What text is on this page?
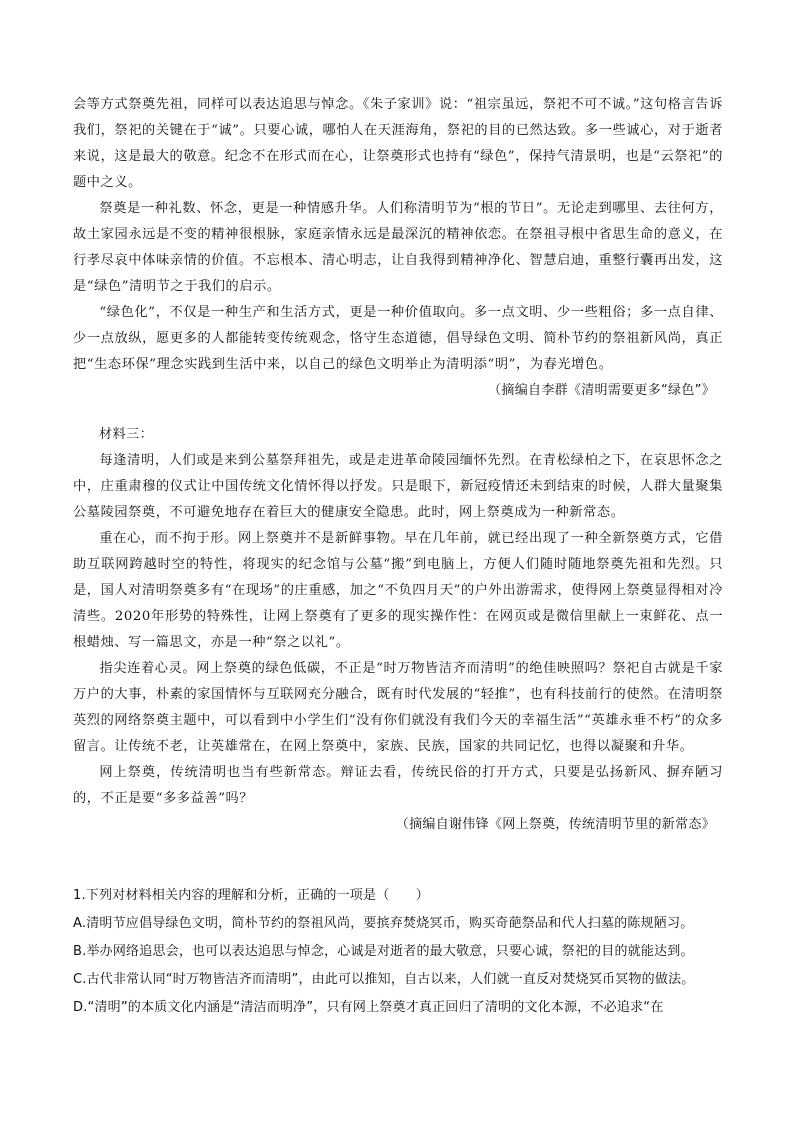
会等方式祭奠先祖，同样可以表达追思与悼念。《朱子家训》说：“祖宗虽远，祭祀不可不诚。”这句格言告诉我们，祭祀的关键在于“诚”。只要心诚，哪怕人在天涯海角，祭祀的目的已然达致。多一些诚心，对于逝者来说，这是最大的敬意。纪念不在形式而在心，让祭奠形式也持有“绿色”，保持气清景明，也是“云祭祀”的题中之义。

祭奠是一种礼数、怀念，更是一种情感升华。人们称清明节为“根的节日”。无论走到哪里、去往何方，故土家园永远是不变的精神很根脉，家庭亲情永远是最深沉的精神依恋。在祭祖寻根中省思生命的意义，在行孝尽哀中体味亲情的价值。不忘根本、清心明志，让自我得到精神净化、智慧启迪，重整行囊再出发，这是“绿色”清明节之于我们的启示。

“绿色化”，不仅是一种生产和生活方式，更是一种价值取向。多一点文明、少一些粗俗；多一点自律、少一点放纵，愿更多的人都能转变传统观念，恪守生态道德，倡导绿色文明、简朴节约的祭祖新风尚，真正把“生态环保”理念实践到生活中来，以自己的绿色文明举止为清明添“明”，为春光增色。

（摘编自李群《清明需要更多“绿色”》

材料三：

每逢清明，人们或是来到公墓祭拜祖先，或是走进革命陵园缅怀先烈。在青松绿柏之下，在哀思怀念之中，庄重肃穆的仪式让中国传统文化情怀得以抒发。只是眼下，新冠疫情还未到结束的时候，人群大量聚集公墓陵园祭奠，不可避免地存在着巨大的健康安全隐患。此时，网上祭奠成为一种新常态。

重在心，而不拘于形。网上祭奠并不是新鲜事物。早在几年前，就已经出现了一种全新祭奠方式，它借助互联网跨越时空的特性，将现实的纪念馆与公墓“搬”到电脑上，方便人们随时随地祭奠先祖和先烈。只是，国人对清明祭奠多有“在现场”的庄重感，加之“不负四月天”的户外出游需求，使得网上祭奠显得相对冷清些。2020年形势的特殊性，让网上祭奠有了更多的现实操作性：在网页或是微信里献上一束鲜花、点一根蜡烛、写一篇思文，亦是一种“祭之以礼”。

指尖连着心灵。网上祭奠的绿色低碳，不正是“时万物皆洁齐而清明”的绝佳映照吗？祭祀自古就是千家万户的大事，朴素的家国情怀与互联网充分融合，既有时代发展的“轻推”，也有科技前行的使然。在清明祭英烈的网络祭奠主题中，可以看到中小学生们“没有你们就没有我们今天的幸福生活”“英雄永垂不朽”的众多留言。让传统不老，让英雄常在，在网上祭奠中，家族、民族，国家的共同记忆，也得以凝聚和升华。

网上祭奠，传统清明也当有些新常态。辩证去看，传统民俗的打开方式，只要是弘扬新风、摒弃陋习的，不正是要“多多益善”吗？

（摘编自谢伟锋《网上祭奠，传统清明节里的新常态》

1.下列对材料相关内容的理解和分析，正确的一项是（　　）

A.清明节应倡导绿色文明，简朴节约的祭祖风尚，要摈弃焚烧冥币，购买奇葩祭品和代人扫墓的陈规陋习。

B.举办网络追思会，也可以表达追思与悼念，心诚是对逝者的最大敬意，只要心诚，祭祀的目的就能达到。

C.古代非常认同“时万物皆洁齐而清明”，由此可以推知，自古以来，人们就一直反对焚烧冥币冥物的做法。

D.“清明”的本质文化内涵是“清洁而明净”，只有网上祭奠才真正回归了清明的文化本源，不必追求“在
